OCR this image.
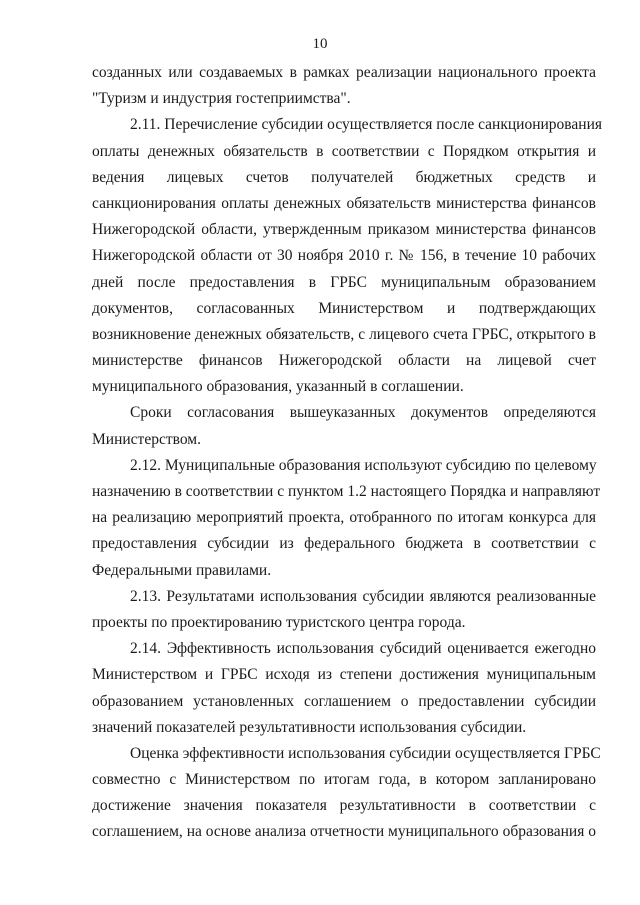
10
созданных или создаваемых в рамках реализации национального проекта
"Туризм и индустрия гостеприимства".
2.11. Перечисление субсидии осуществляется после санкционирования
оплаты денежных обязательств в соответствии с Порядком открытия и
ведения лицевых счетов получателей бюджетных средств и
санкционирования оплаты денежных обязательств министерства финансов
Нижегородской области, утвержденным приказом министерства финансов
Нижегородской области от 30 ноября 2010 г. № 156, в течение 10 рабочих
дней после предоставления в ГРБС муниципальным образованием
документов, согласованных Министерством и подтверждающих
возникновение денежных обязательств, с лицевого счета ГРБС, открытого в
министерстве финансов Нижегородской области на лицевой счет
муниципального образования, указанный в соглашении.
Сроки согласования вышеуказанных документов определяются
Министерством.
2.12. Муниципальные образования используют субсидию по целевому
назначению в соответствии с пунктом 1.2 настоящего Порядка и направляют
на реализацию мероприятий проекта, отобранного по итогам конкурса для
предоставления субсидии из федерального бюджета в соответствии с
Федеральными правилами.
2.13. Результатами использования субсидии являются реализованные
проекты по проектированию туристского центра города.
2.14. Эффективность использования субсидий оценивается ежегодно
Министерством и ГРБС исходя из степени достижения муниципальным
образованием установленных соглашением о предоставлении субсидии
значений показателей результативности использования субсидии.
Оценка эффективности использования субсидии осуществляется ГРБС
совместно с Министерством по итогам года, в котором запланировано
достижение значения показателя результативности в соответствии с
соглашением, на основе анализа отчетности муниципального образования о
